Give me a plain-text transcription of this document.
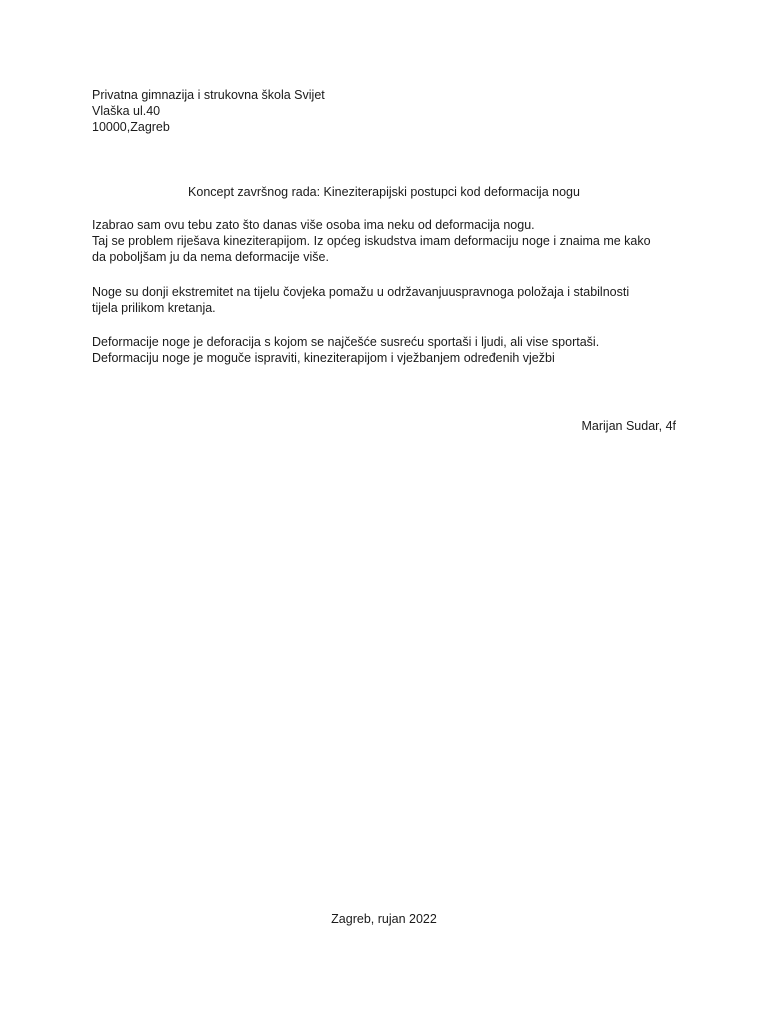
Privatna gimnazija i strukovna škola Svijet
Vlaška ul.40
10000,Zagreb
Koncept završnog rada: Kineziterapijski postupci kod deformacija nogu
Izabrao sam ovu tebu zato što danas više osoba ima neku od deformacija nogu.
Taj se problem riješava kineziterapijom. Iz općeg iskudstva imam deformaciju noge i znaima me kako
da poboljšam ju da nema deformacije više.
Noge su donji ekstremitet na tijelu čovjeka pomažu u održavanjuuspravnoga položaja i stabilnosti
tijela prilikom kretanja.
Deformacije noge je deforacija s kojom se najčešće susreću sportaši i ljudi, ali vise sportaši.
Deformaciju noge je moguče ispraviti, kineziterapijom i vježbanjem određenih vježbi
Marijan Sudar, 4f
Zagreb, rujan 2022
